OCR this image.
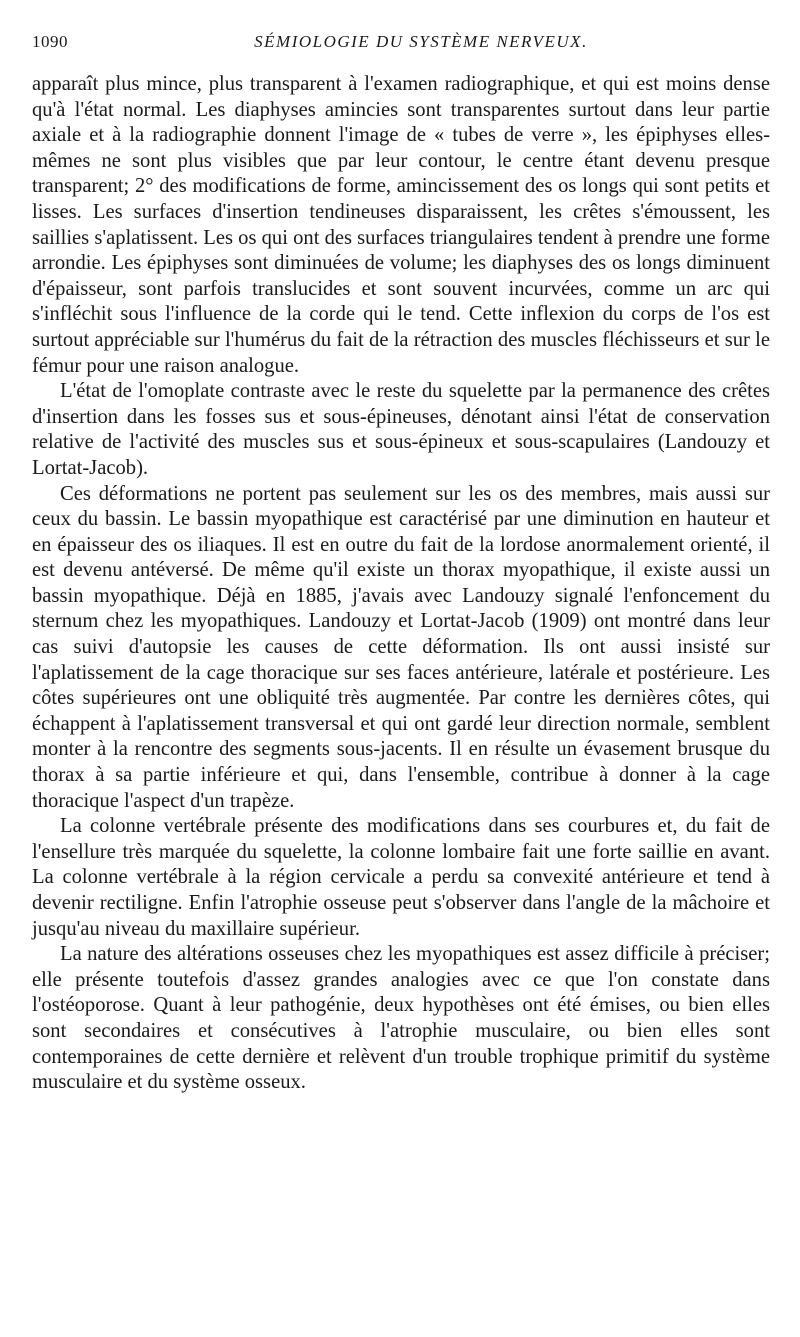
1090	SÉMIOLOGIE DU SYSTÈME NERVEUX.

apparaît plus mince, plus transparent à l'examen radiographique, et qui est moins dense qu'à l'état normal. Les diaphyses amincies sont transparentes surtout dans leur partie axiale et à la radiographie donnent l'image de « tubes de verre », les épiphyses elles-mêmes ne sont plus visibles que par leur contour, le centre étant devenu presque transparent; 2° des modifications de forme, amincissement des os longs qui sont petits et lisses. Les surfaces d'insertion tendineuses disparaissent, les crêtes s'émoussent, les saillies s'aplatissent. Les os qui ont des surfaces triangulaires tendent à prendre une forme arrondie. Les épiphyses sont diminuées de volume; les diaphyses des os longs diminuent d'épaisseur, sont parfois translucides et sont souvent incurvées, comme un arc qui s'infléchit sous l'influence de la corde qui le tend. Cette inflexion du corps de l'os est surtout appréciable sur l'humérus du fait de la rétraction des muscles fléchisseurs et sur le fémur pour une raison analogue.

L'état de l'omoplate contraste avec le reste du squelette par la permanence des crêtes d'insertion dans les fosses sus et sous-épineuses, dénotant ainsi l'état de conservation relative de l'activité des muscles sus et sous-épineux et sous-scapulaires (Landouzy et Lortat-Jacob).

Ces déformations ne portent pas seulement sur les os des membres, mais aussi sur ceux du bassin. Le bassin myopathique est caractérisé par une diminution en hauteur et en épaisseur des os iliaques. Il est en outre du fait de la lordose anormalement orienté, il est devenu antéversé. De même qu'il existe un thorax myopathique, il existe aussi un bassin myopathique. Déjà en 1885, j'avais avec Landouzy signalé l'enfoncement du sternum chez les myopathiques. Landouzy et Lortat-Jacob (1909) ont montré dans leur cas suivi d'autopsie les causes de cette déformation. Ils ont aussi insisté sur l'aplatissement de la cage thoracique sur ses faces antérieure, latérale et postérieure. Les côtes supérieures ont une obliquité très augmentée. Par contre les dernières côtes, qui échappent à l'aplatissement transversal et qui ont gardé leur direction normale, semblent monter à la rencontre des segments sous-jacents. Il en résulte un évasement brusque du thorax à sa partie inférieure et qui, dans l'ensemble, contribue à donner à la cage thoracique l'aspect d'un trapèze.

La colonne vertébrale présente des modifications dans ses courbures et, du fait de l'ensellure très marquée du squelette, la colonne lombaire fait une forte saillie en avant. La colonne vertébrale à la région cervicale a perdu sa convexité antérieure et tend à devenir rectiligne. Enfin l'atrophie osseuse peut s'observer dans l'angle de la mâchoire et jusqu'au niveau du maxillaire supérieur.

La nature des altérations osseuses chez les myopathiques est assez difficile à préciser; elle présente toutefois d'assez grandes analogies avec ce que l'on constate dans l'ostéoporose. Quant à leur pathogénie, deux hypothèses ont été émises, ou bien elles sont secondaires et consécutives à l'atrophie musculaire, ou bien elles sont contemporaines de cette dernière et relèvent d'un trouble trophique primitif du système musculaire et du système osseux.
